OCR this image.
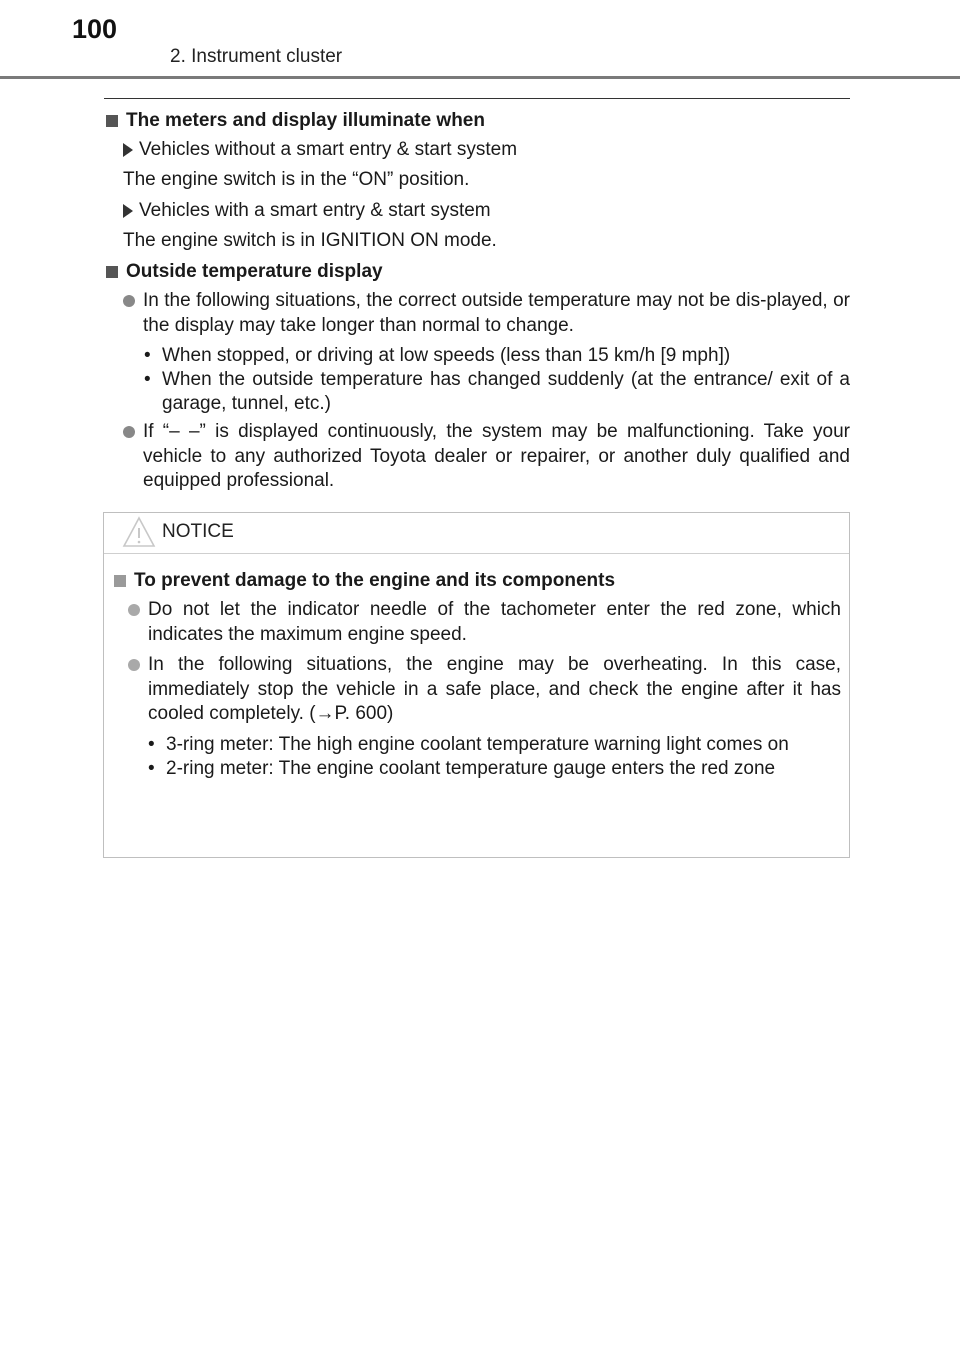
100
2. Instrument cluster
The meters and display illuminate when
Vehicles without a smart entry & start system
The engine switch is in the “ON” position.
Vehicles with a smart entry & start system
The engine switch is in IGNITION ON mode.
Outside temperature display
In the following situations, the correct outside temperature may not be dis-played, or the display may take longer than normal to change.
• When stopped, or driving at low speeds (less than 15 km/h [9 mph])
• When the outside temperature has changed suddenly (at the entrance/ exit of a garage, tunnel, etc.)
If “– –” is displayed continuously, the system may be malfunctioning. Take your vehicle to any authorized Toyota dealer or repairer, or another duly qualified and equipped professional.
NOTICE
To prevent damage to the engine and its components
Do not let the indicator needle of the tachometer enter the red zone, which indicates the maximum engine speed.
In the following situations, the engine may be overheating. In this case, immediately stop the vehicle in a safe place, and check the engine after it has cooled completely. (→P. 600)
• 3-ring meter: The high engine coolant temperature warning light comes on
• 2-ring meter: The engine coolant temperature gauge enters the red zone
